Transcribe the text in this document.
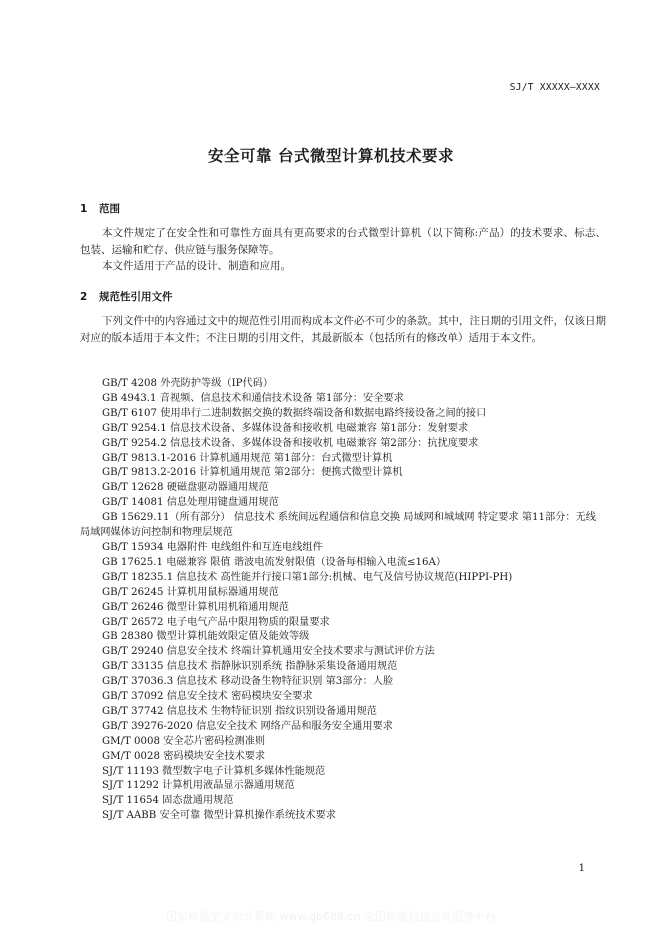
SJ/T XXXXX—XXXX
安全可靠 台式微型计算机技术要求
1 范围

本文件规定了在安全性和可靠性方面具有更高要求的台式微型计算机（以下简称:产品）的技术要求、标志、包装、运输和贮存、供应链与服务保障等。

本文件适用于产品的设计、制造和应用。

2 规范性引用文件

下列文件中的内容通过文中的规范性引用而构成本文件必不可少的条款。其中，注日期的引用文件，仅该日期对应的版本适用于本文件；不注日期的引用文件，其最新版本（包括所有的修改单）适用于本文件。

GB/T 4208 外壳防护等级（IP代码）
GB 4943.1 音视频、信息技术和通信技术设备 第1部分：安全要求
GB/T 6107 使用串行二进制数据交换的数据终端设备和数据电路终接设备之间的接口
GB/T 9254.1 信息技术设备、多媒体设备和接收机 电磁兼容 第1部分：发射要求
GB/T 9254.2 信息技术设备、多媒体设备和接收机 电磁兼容 第2部分：抗扰度要求
GB/T 9813.1-2016 计算机通用规范 第1部分：台式微型计算机
GB/T 9813.2-2016 计算机通用规范 第2部分：便携式微型计算机
GB/T 12628 硬磁盘驱动器通用规范
GB/T 14081 信息处理用键盘通用规范
GB 15629.11（所有部分） 信息技术 系统间远程通信和信息交换 局域网和城域网 特定要求 第11部分：无线局域网媒体访问控制和物理层规范
GB/T 15934 电器附件 电线组件和互连电线组件
GB 17625.1 电磁兼容 限值 谐波电流发射限值（设备每相输入电流≤16A）
GB/T 18235.1 信息技术 高性能并行接口第1部分:机械、电气及信号协议规范(HIPPI-PH)
GB/T 26245 计算机用鼠标器通用规范
GB/T 26246 微型计算机用机箱通用规范
GB/T 26572 电子电气产品中限用物质的限量要求
GB 28380 微型计算机能效限定值及能效等级
GB/T 29240 信息安全技术 终端计算机通用安全技术要求与测试评价方法
GB/T 33135 信息技术 指静脉识别系统 指静脉采集设备通用规范
GB/T 37036.3 信息技术 移动设备生物特征识别 第3部分：人脸
GB/T 37092 信息安全技术 密码模块安全要求
GB/T 37742 信息技术 生物特征识别 指纹识别设备通用规范
GB/T 39276-2020 信息安全技术 网络产品和服务安全通用要求
GM/T 0008 安全芯片密码检测准则
GM/T 0028 密码模块安全技术要求
SJ/T 11193 微型数字电子计算机多媒体性能规范
SJ/T 11292 计算机用液晶显示器通用规范
SJ/T 11654 固态盘通用规范
SJ/T AABB 安全可靠 微型计算机操作系统技术要求
1
国家标准全文公开系统 www.gb688.cn 全国标准信息公共服务平台
